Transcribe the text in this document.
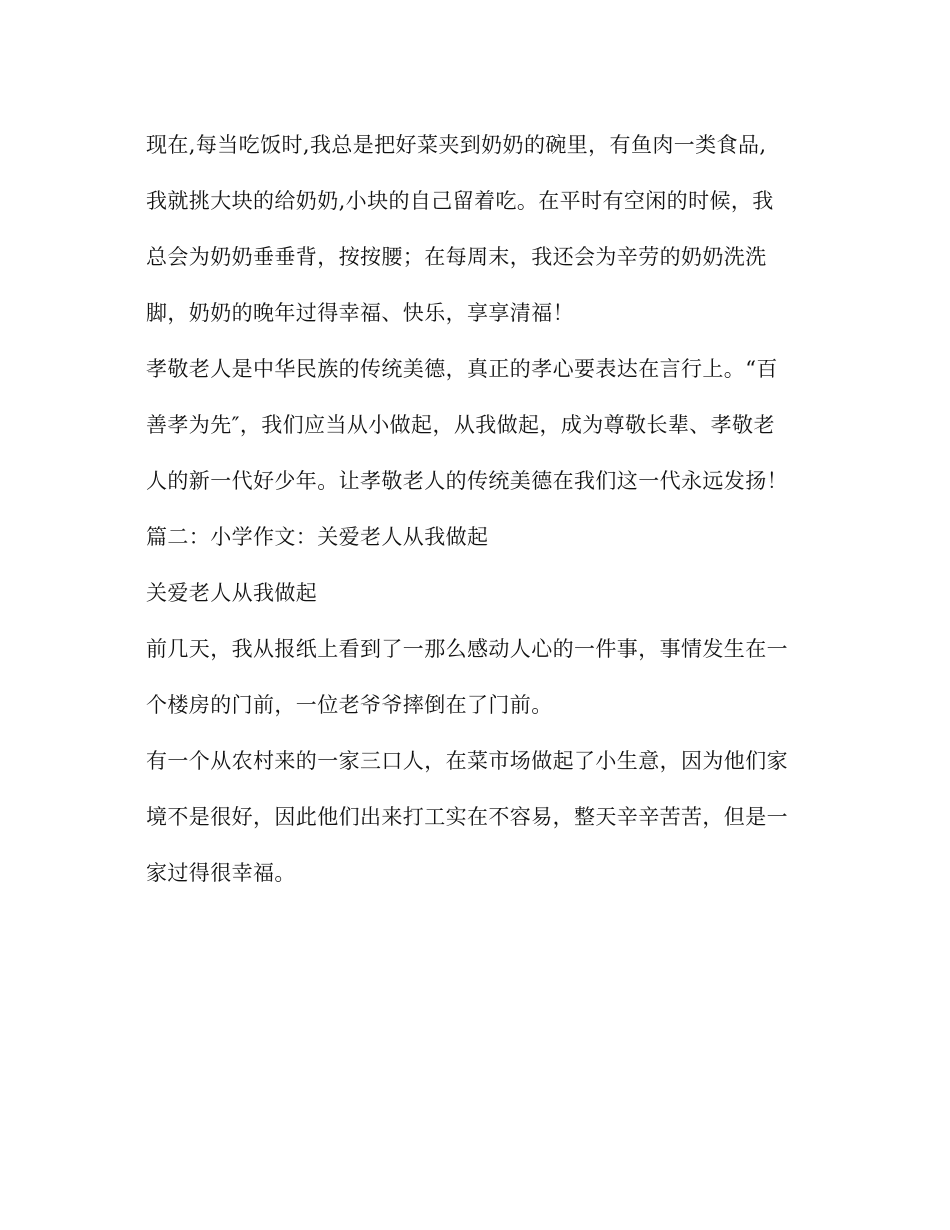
现在,每当吃饭时,我总是把好菜夹到奶奶的碗里，有鱼肉一类食品,
我就挑大块的给奶奶,小块的自己留着吃。在平时有空闲的时候，我
总会为奶奶垂垂背，按按腰；在每周末，我还会为辛劳的奶奶洗洗
脚，奶奶的晚年过得幸福、快乐，享享清福！
孝敬老人是中华民族的传统美德，真正的孝心要表达在言行上。“百
善孝为先″，我们应当从小做起，从我做起，成为尊敬长辈、孝敬老
人的新一代好少年。让孝敬老人的传统美德在我们这一代永远发扬！
篇二：小学作文：关爱老人从我做起
关爱老人从我做起
前几天，我从报纸上看到了一那么感动人心的一件事，事情发生在一
个楼房的门前，一位老爷爷摔倒在了门前。
有一个从农村来的一家三口人，在菜市场做起了小生意，因为他们家
境不是很好，因此他们出来打工实在不容易，整天辛辛苦苦，但是一
家过得很幸福。
